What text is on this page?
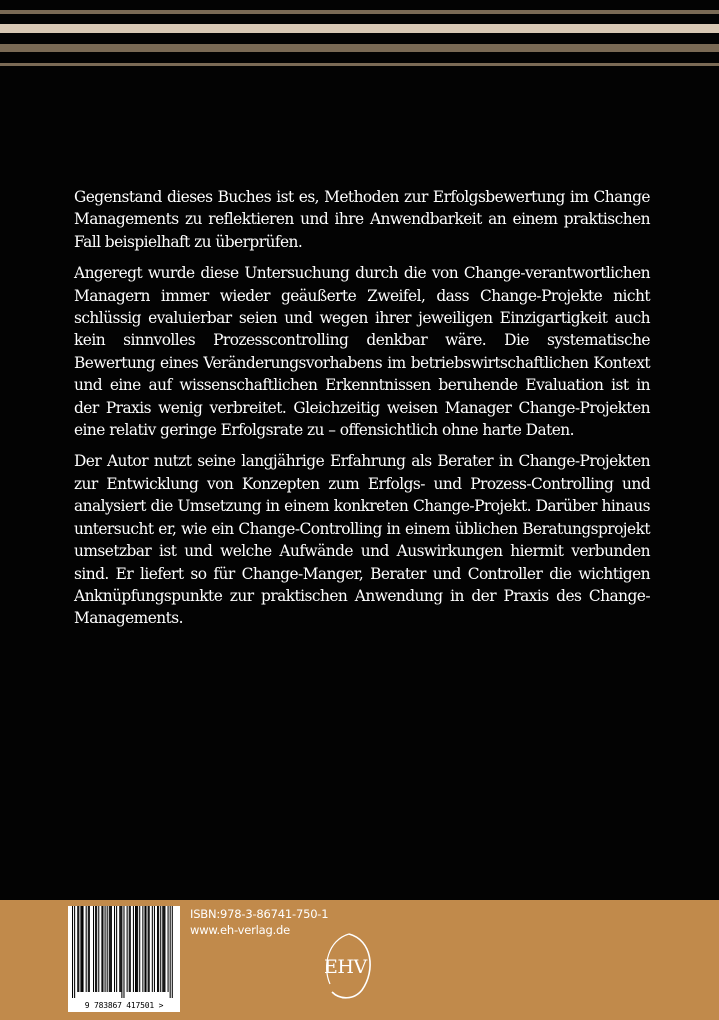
Gegenstand dieses Buches ist es, Methoden zur Erfolgsbewertung im Change Managements zu reflektieren und ihre Anwendbarkeit an einem praktischen Fall beispielhaft zu überprüfen.

Angeregt wurde diese Untersuchung durch die von Change-verantwortlichen Managern immer wieder geäußerte Zweifel, dass Change-Projekte nicht schlüssig evaluierbar seien und wegen ihrer jeweiligen Einzigartigkeit auch kein sinnvolles Prozesscontrolling denkbar wäre. Die systematische Bewertung eines Veränderungsvorhabens im betriebswirtschaftlichen Kontext und eine auf wissenschaftlichen Erkenntnissen beruhende Evaluation ist in der Praxis wenig verbreitet. Gleichzeitig weisen Manager Change-Projekten eine relativ geringe Erfolgsrate zu – offensichtlich ohne harte Daten.

Der Autor nutzt seine langjährige Erfahrung als Berater in Change-Projekten zur Entwicklung von Konzepten zum Erfolgs- und Prozess-Controlling und analysiert die Umsetzung in einem konkreten Change-Projekt. Darüber hinaus untersucht er, wie ein Change-Controlling in einem üblichen Beratungsprojekt umsetzbar ist und welche Aufwände und Auswirkungen hiermit verbunden sind. Er liefert so für Change-Manger, Berater und Controller die wichtigen Anknüpfungspunkte zur praktischen Anwendung in der Praxis des Change-Managements.

9 783867 417501 >
ISBN:978-3-86741-750-1
www.eh-verlag.de
EHV
